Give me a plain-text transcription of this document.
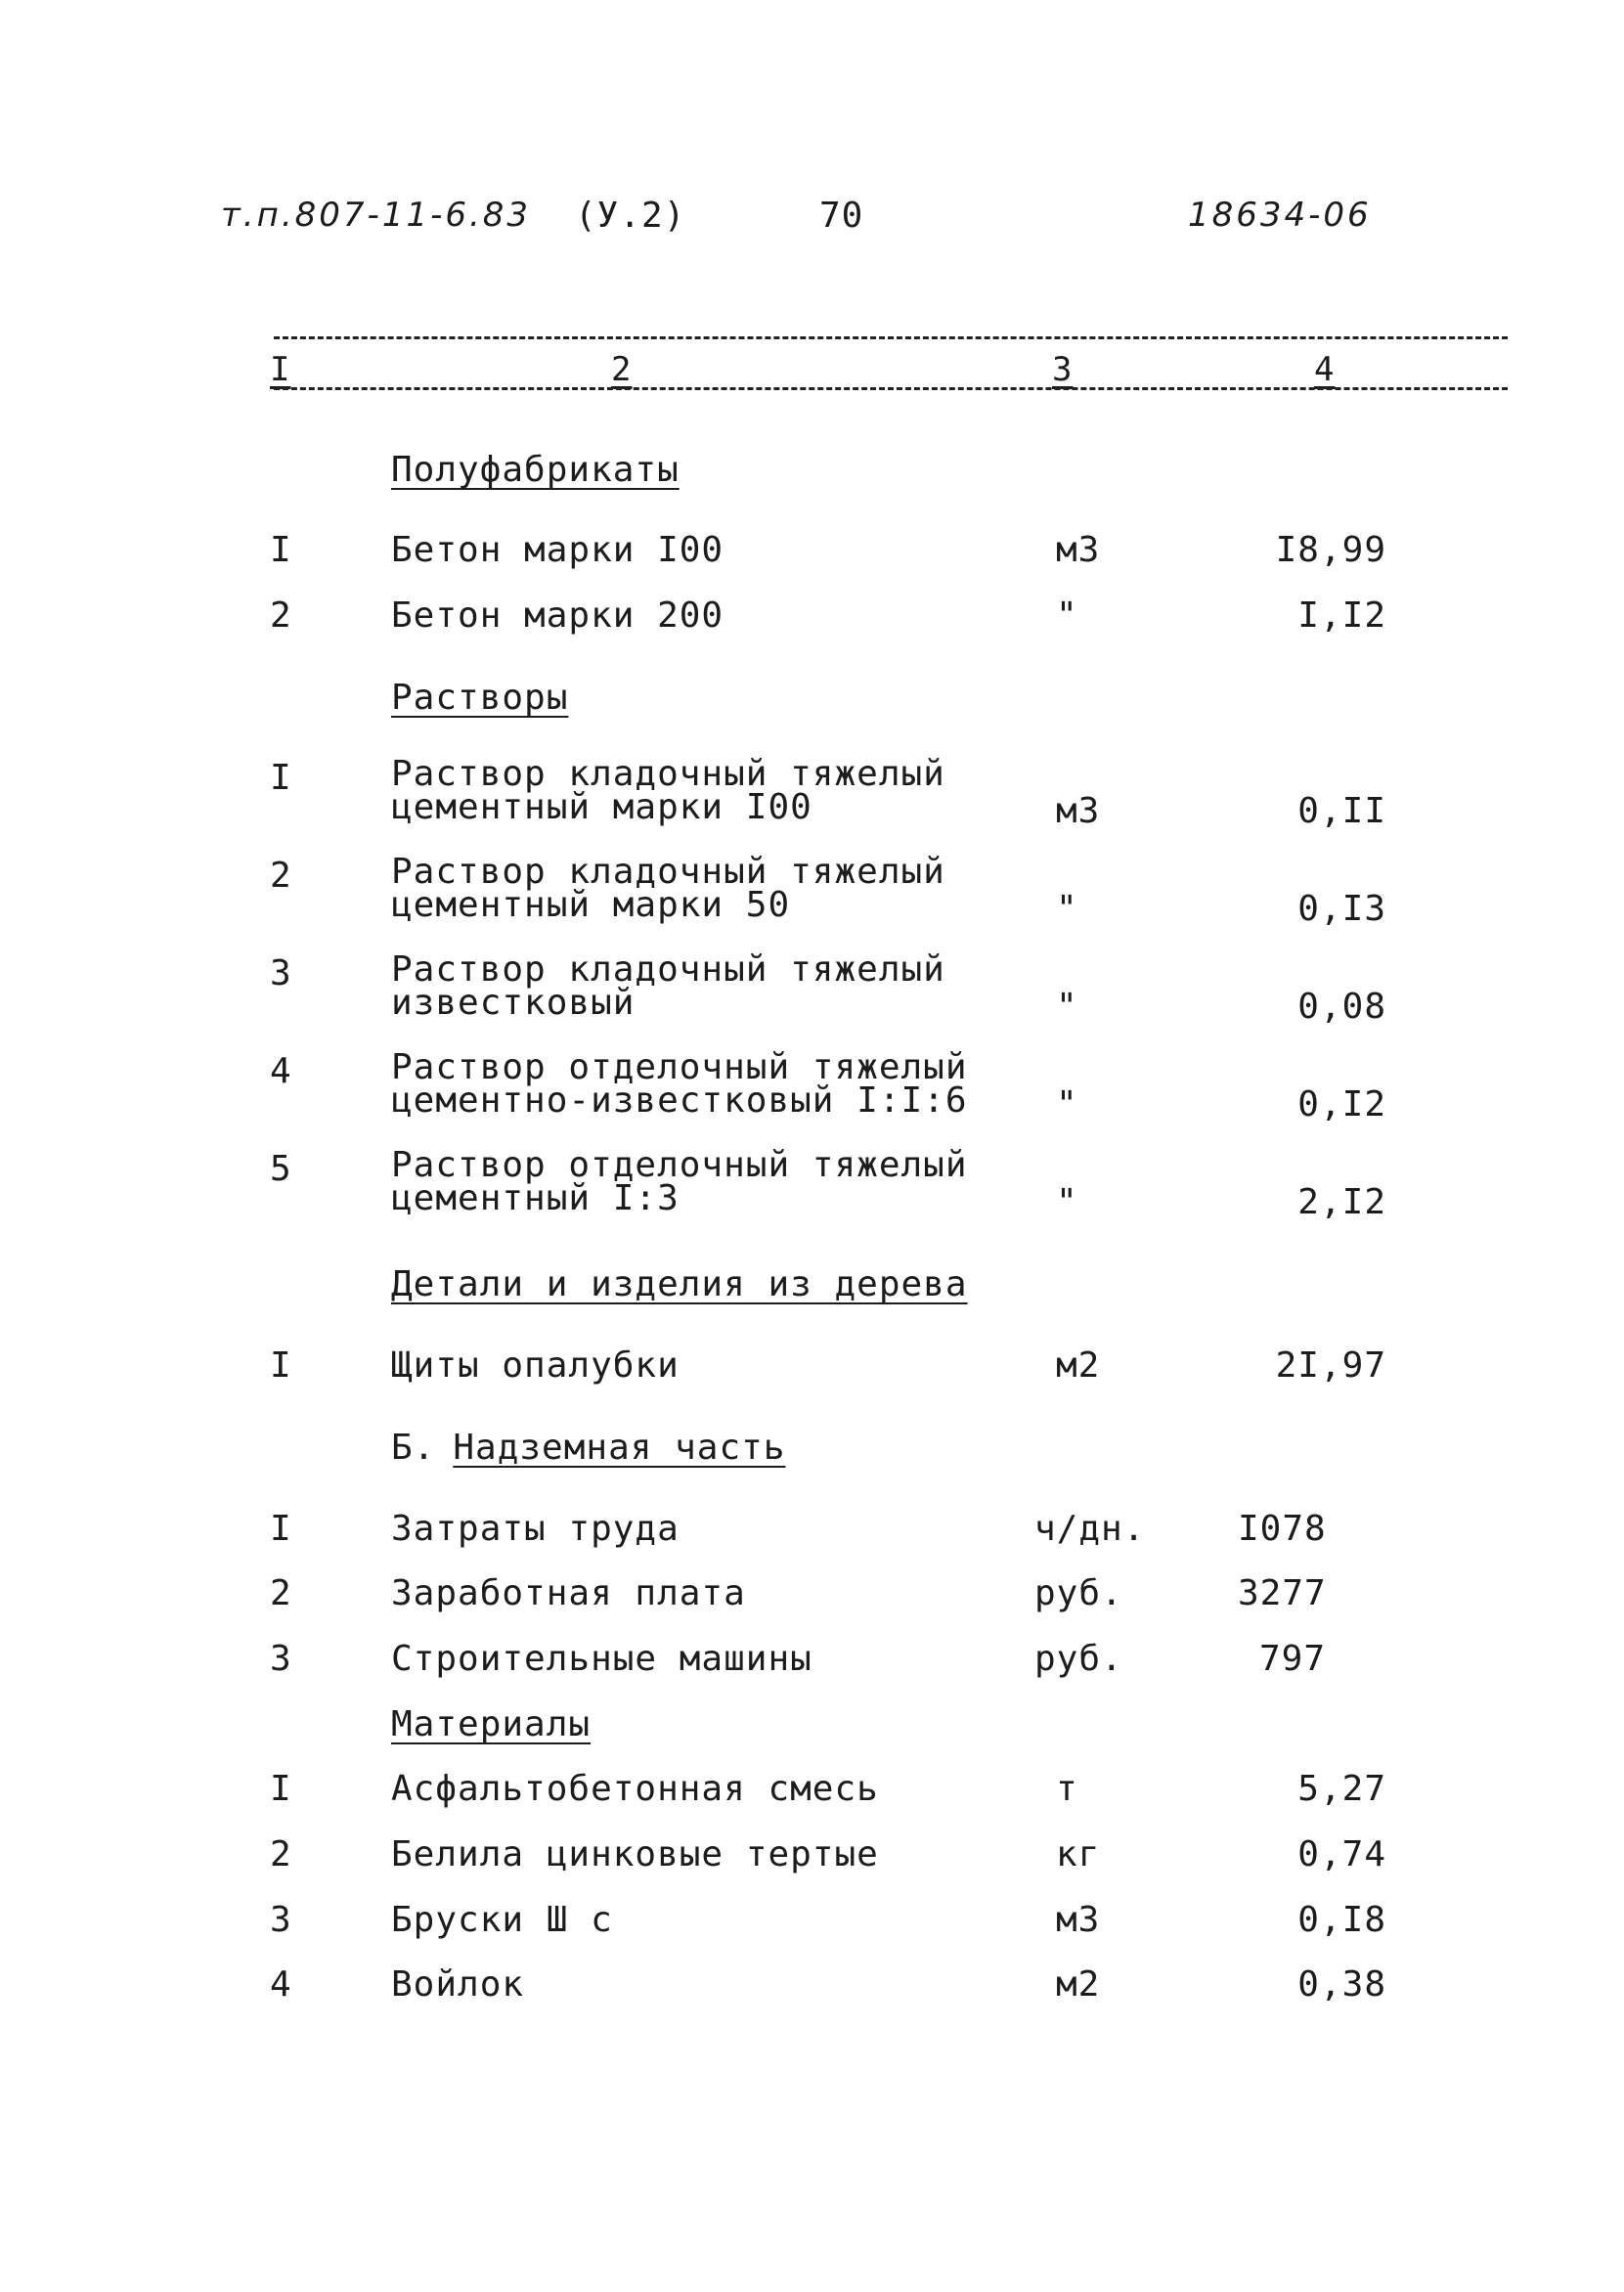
т.п.807-11-6.83 (У.2)	70	18634-06
I	2	3	4
Полуфабрикаты
I	Бетон марки I00	м3	I8,99
2	Бетон марки 200	"	I,I2
Растворы
I	Раствор кладочный тяжелый
цементный марки I00	м3	0,II
2	Раствор кладочный тяжелый
цементный марки 50	"	0,I3
3	Раствор кладочный тяжелый
известковый	"	0,08
4	Раствор отделочный тяжелый
цементно-известковый I:I:6	"	0,I2
5	Раствор отделочный тяжелый
цементный I:3	"	2,I2
Детали и изделия из дерева
I	Щиты опалубки	м2	2I,97
Б. Надземная часть
I	Затраты труда	ч/дн.	I078
2	Заработная плата	руб.	3277
3	Строительные машины	руб.	797
Материалы
I	Асфальтобетонная смесь	т	5,27
2	Белила цинковые тертые	кг	0,74
3	Бруски Ш с	м3	0,I8
4	Войлок	м2	0,38
